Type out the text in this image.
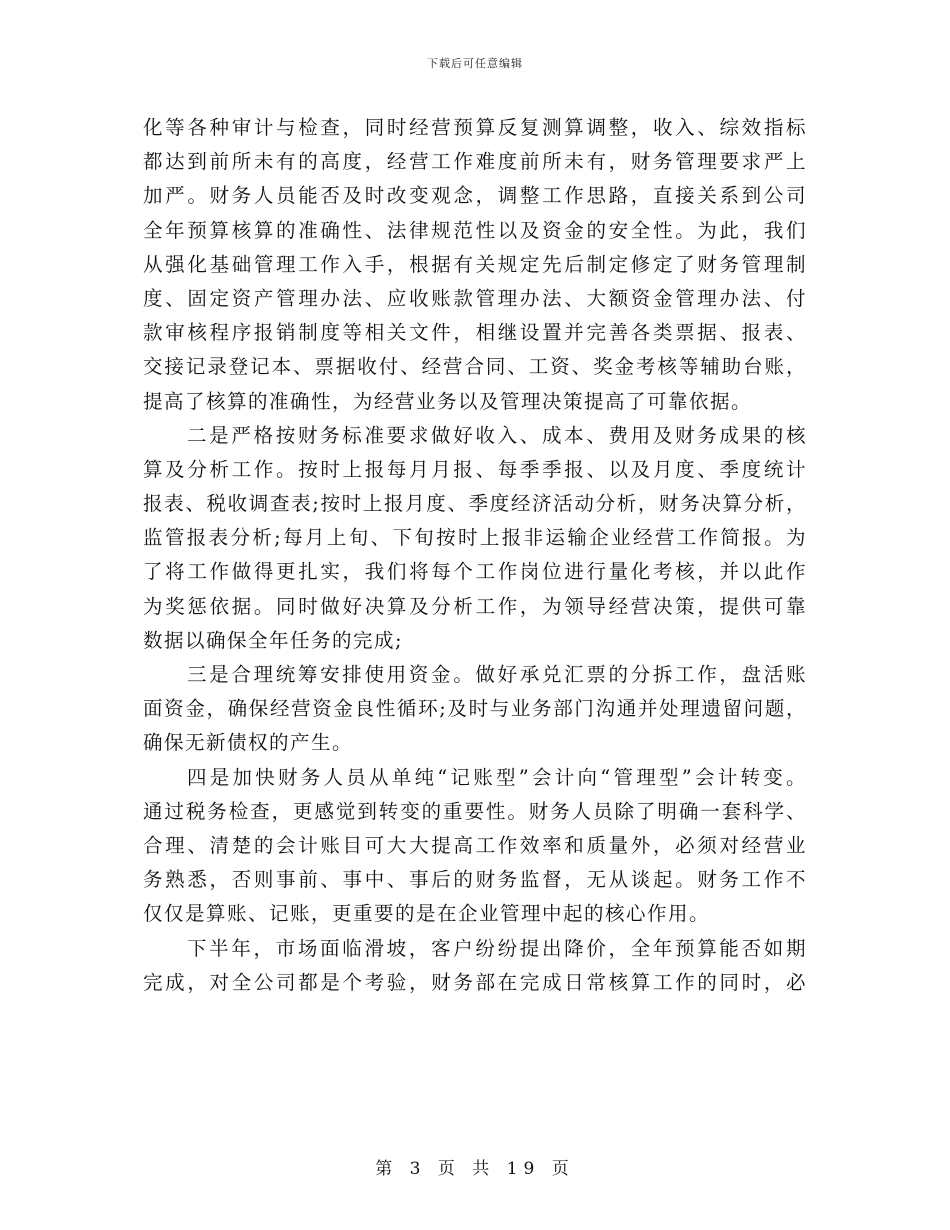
下载后可任意编辑
化等各种审计与检查，同时经营预算反复测算调整，收入、综效指标
都达到前所未有的高度，经营工作难度前所未有，财务管理要求严上
加严。财务人员能否及时改变观念，调整工作思路，直接关系到公司
全年预算核算的准确性、法律规范性以及资金的安全性。为此，我们
从强化基础管理工作入手，根据有关规定先后制定修定了财务管理制
度、固定资产管理办法、应收账款管理办法、大额资金管理办法、付
款审核程序报销制度等相关文件，相继设置并完善各类票据、报表、
交接记录登记本、票据收付、经营合同、工资、奖金考核等辅助台账，
提高了核算的准确性，为经营业务以及管理决策提高了可靠依据。
二是严格按财务标准要求做好收入、成本、费用及财务成果的核
算及分析工作。按时上报每月月报、每季季报、以及月度、季度统计
报表、税收调查表;按时上报月度、季度经济活动分析，财务决算分析，
监管报表分析;每月上旬、下旬按时上报非运输企业经营工作简报。为
了将工作做得更扎实，我们将每个工作岗位进行量化考核，并以此作
为奖惩依据。同时做好决算及分析工作，为领导经营决策，提供可靠
数据以确保全年任务的完成;
三是合理统筹安排使用资金。做好承兑汇票的分拆工作，盘活账
面资金，确保经营资金良性循环;及时与业务部门沟通并处理遗留问题，
确保无新债权的产生。
四是加快财务人员从单纯“记账型”会计向“管理型”会计转变。
通过税务检查，更感觉到转变的重要性。财务人员除了明确一套科学、
合理、清楚的会计账目可大大提高工作效率和质量外，必须对经营业
务熟悉，否则事前、事中、事后的财务监督，无从谈起。财务工作不
仅仅是算账、记账，更重要的是在企业管理中起的核心作用。
下半年，市场面临滑坡，客户纷纷提出降价，全年预算能否如期
完成，对全公司都是个考验，财务部在完成日常核算工作的同时，必
第 3 页 共 19 页
